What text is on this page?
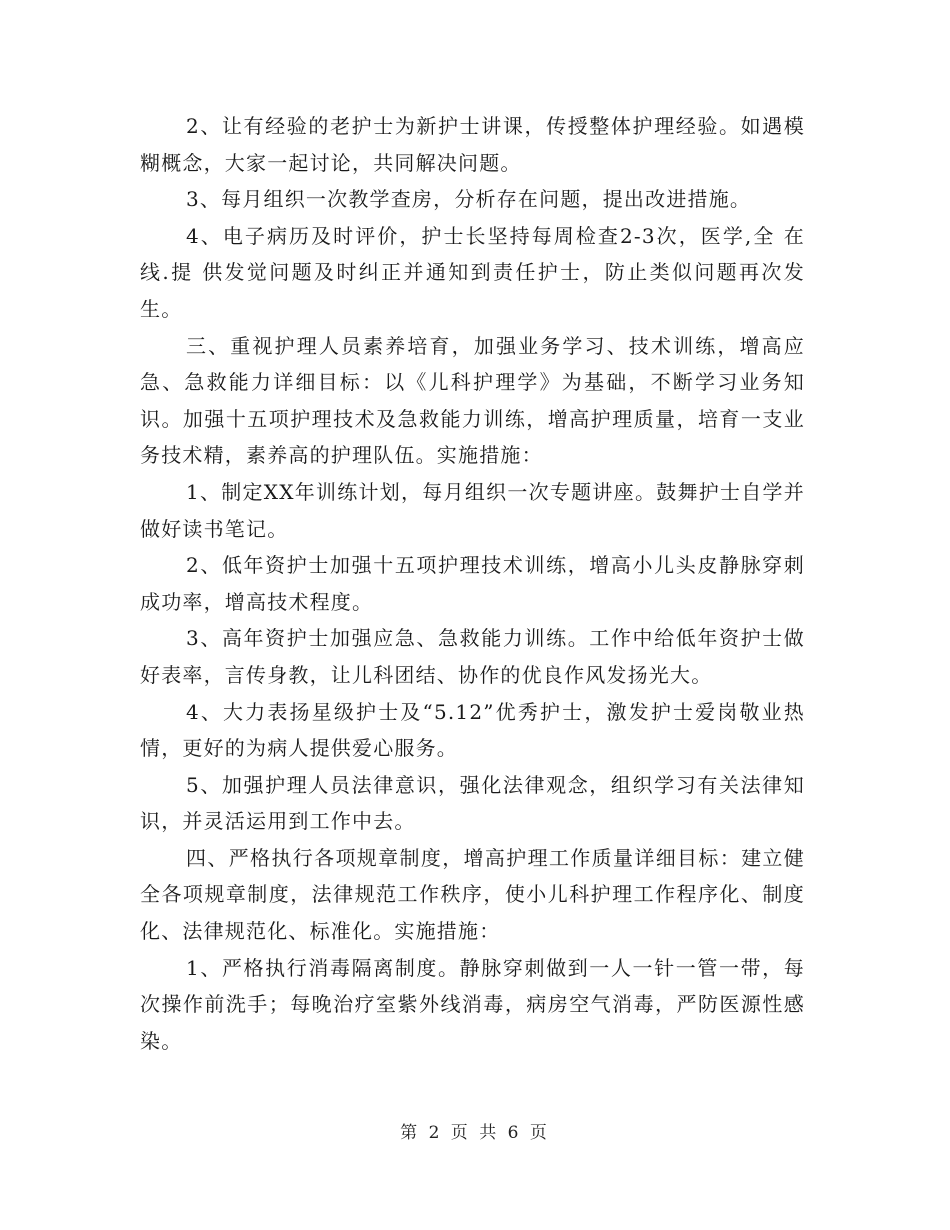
2、让有经验的老护士为新护士讲课，传授整体护理经验。如遇模糊概念，大家一起讨论，共同解决问题。

3、每月组织一次教学查房，分析存在问题，提出改进措施。

4、电子病历及时评价，护士长坚持每周检查2-3次，医学,全 在线.提 供发觉问题及时纠正并通知到责任护士，防止类似问题再次发生。

三、重视护理人员素养培育，加强业务学习、技术训练，增高应急、急救能力详细目标：以《儿科护理学》为基础，不断学习业务知识。加强十五项护理技术及急救能力训练，增高护理质量，培育一支业务技术精，素养高的护理队伍。实施措施：

1、制定XX年训练计划，每月组织一次专题讲座。鼓舞护士自学并做好读书笔记。

2、低年资护士加强十五项护理技术训练，增高小儿头皮静脉穿刺成功率，增高技术程度。

3、高年资护士加强应急、急救能力训练。工作中给低年资护士做好表率，言传身教，让儿科团结、协作的优良作风发扬光大。

4、大力表扬星级护士及“5.12”优秀护士，激发护士爱岗敬业热情，更好的为病人提供爱心服务。

5、加强护理人员法律意识，强化法律观念，组织学习有关法律知识，并灵活运用到工作中去。

四、严格执行各项规章制度，增高护理工作质量详细目标：建立健全各项规章制度，法律规范工作秩序，使小儿科护理工作程序化、制度化、法律规范化、标准化。实施措施：

1、严格执行消毒隔离制度。静脉穿刺做到一人一针一管一带，每次操作前洗手；每晚治疗室紫外线消毒，病房空气消毒，严防医源性感染。

第 2 页 共 6 页
